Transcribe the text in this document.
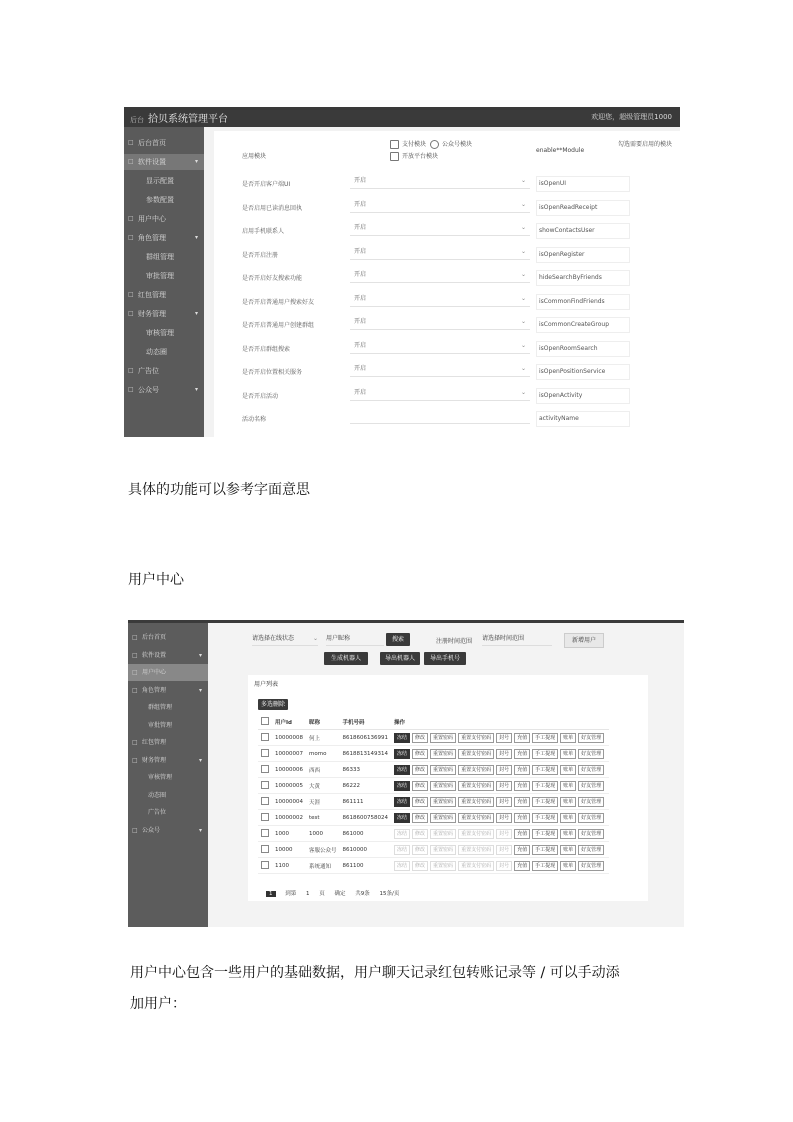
后台 拾贝系统管理平台	欢迎您，超级管理员1000
□ 后台首页
□ 软件设置	▾
显示配置
参数配置
□ 用户中心
□ 角色管理	▾
群组管理
审批管理
□ 红包管理
□ 财务管理	▾
审核管理
动态圈
□ 广告位
□ 公众号	▾
应用模块
支付模块	公众号模块
开放平台模块
enable**Module
勾选需要启用的模块
是否开启客户端UI
开启	⌄	isOpenUI
是否启用已读消息回执
开启	⌄	isOpenReadReceipt
启用手机联系人
开启	⌄	showContactsUser
是否开启注册
开启	⌄	isOpenRegister
是否开启好友搜索功能
开启	⌄	hideSearchByFriends
是否开启普通用户搜索好友
开启	⌄	isCommonFindFriends
是否开启普通用户创建群组
开启	⌄	isCommonCreateGroup
是否开启群组搜索
开启	⌄	isOpenRoomSearch
是否开启位置相关服务
开启	⌄	isOpenPositionService
是否开启活动
开启	⌄	isOpenActivity
活动名称	activityName
具体的功能可以参考字面意思
用户中心
□ 后台首页
□ 软件设置	▾
□ 用户中心
□ 角色管理	▾
群组管理
审批管理
□ 红包管理
□ 财务管理	▾
审核管理
动态圈
广告位
□ 公众号	▾
请选择在线状态	⌄ 用户昵称	搜索	注册时间范围 请选择时间范围	新增用户
生成机器人	导出机器人	导出手机号
用户列表
多选删除
	用户Id	昵称	手机号码	操作
	10000008	何上	8618606136991	冻结 修改 重置密码 重置支付密码 封号 充值 手工提现 账单 好友管理
	10000007	momo	8618813149314	冻结 修改 重置密码 重置支付密码 封号 充值 手工提现 账单 好友管理
	10000006	西西	86333	冻结 修改 重置密码 重置支付密码 封号 充值 手工提现 账单 好友管理
	10000005	大黄	86222	冻结 修改 重置密码 重置支付密码 封号 充值 手工提现 账单 好友管理
	10000004	天涯	861111	冻结 修改 重置密码 重置支付密码 封号 充值 手工提现 账单 好友管理
	10000002	test	8618600758024	冻结 修改 重置密码 重置支付密码 封号 充值 手工提现 账单 好友管理
	1000	1000	861000	冻结 修改 重置密码 重置支付密码 封号 充值 手工提现 账单 好友管理
	10000	客服公众号	8610000	冻结 修改 重置密码 重置支付密码 封号 充值 手工提现 账单 好友管理
	1100	系统通知	861100	冻结 修改 重置密码 重置支付密码 封号 充值 手工提现 账单 好友管理
1 到第 1 页 确定 共9条 15条/页
用户中心包含一些用户的基础数据，用户聊天记录红包转账记录等 / 可以手动添
加用户：
